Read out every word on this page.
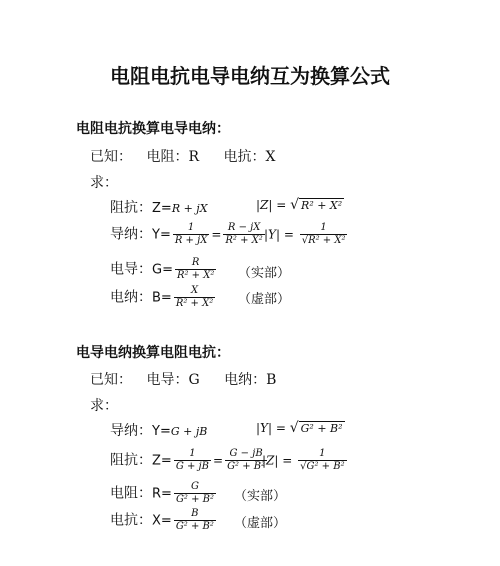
电阻电抗电导电纳互为换算公式
电阻电抗换算电导电纳：
已知： 电阻：R 电抗：X
求：
阻抗：Z=R + jX	|Z| = √ R² + X²
导纳：$Y= \frac{1}{R + jX} = \frac{R - jX}{\text{R² + X²}} |Y| = \frac{1}{\text{√R² + X²}}$
电导：$G= \frac{R}{\text{R² + X²}}$ （实部）
电纳：$B= \frac{X}{\text{R² + X²}}$ （虚部）
电导电纳换算电阻电抗：
已知： 电导：G 电纳：B
求：
导纳：Y=G + jB	|Y| = √ G² + B²
阻抗：$Z= \frac{1}{G + jB} = \frac{G - jB}{\text{G² + B²}}$
$|Z| = \frac{1}{\text{√G² + B²}}$
电阻：$R= \frac{G}{\text{G² + B²}}$ （实部）
电抗：$X= \frac{B}{\text{G² + B²}}$ （虚部）
